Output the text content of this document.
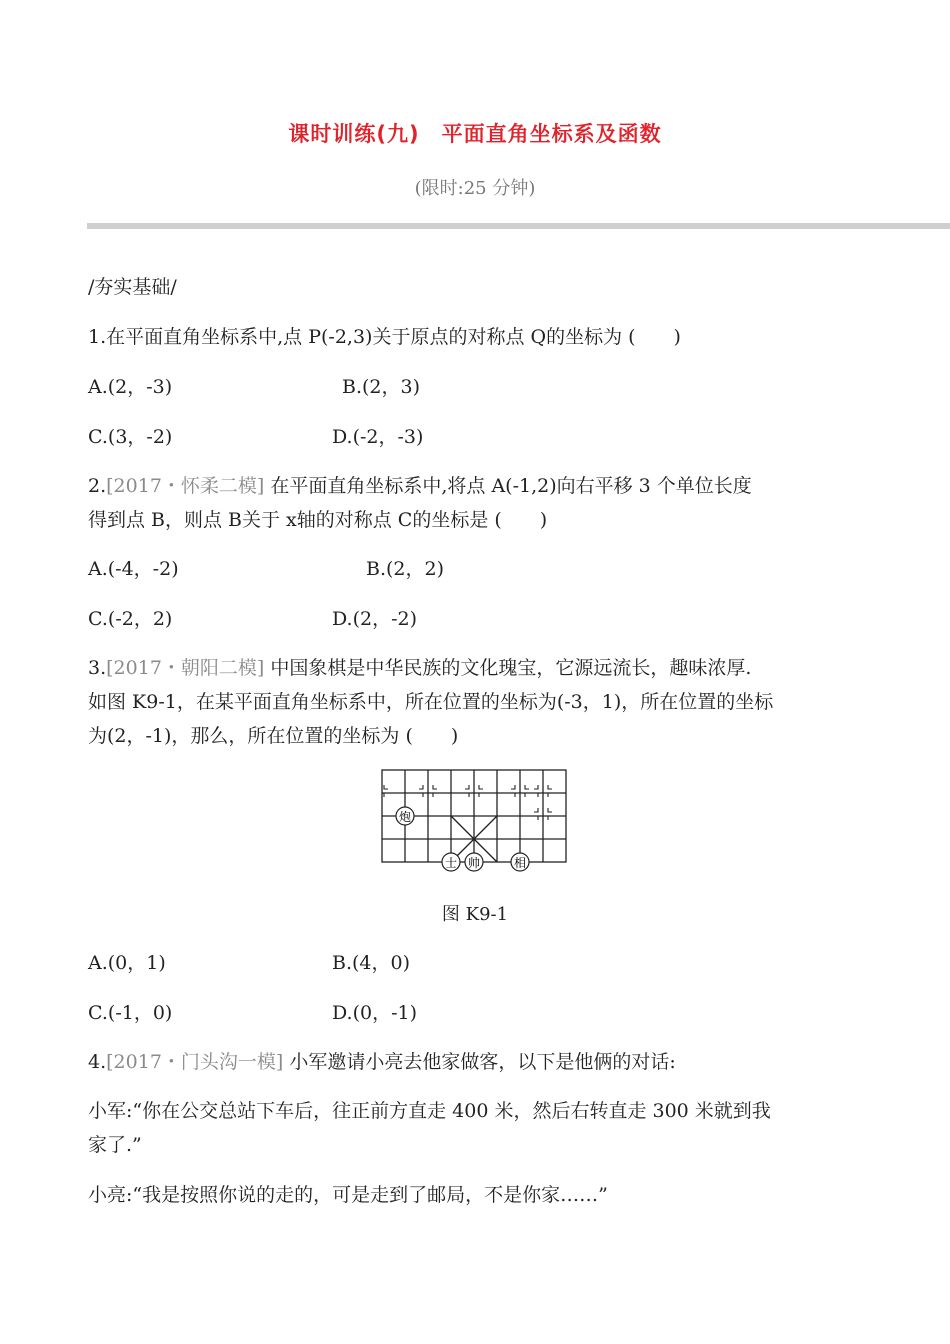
课时训练(九)　平面直角坐标系及函数
(限时:25 分钟)
/夯实基础/
1.在平面直角坐标系中,点 P(-2,3)关于原点的对称点 Q的坐标为 (　　)
A.(2，-3)	B.(2，3)
C.(3，-2)	D.(-2，-3)
2.[2017・怀柔二模] 在平面直角坐标系中,将点 A(-1,2)向右平移 3 个单位长度
得到点 B，则点 B关于 x轴的对称点 C的坐标是 (　　)
A.(-4，-2)	B.(2，2)
C.(-2，2)	D.(2，-2)
3.[2017・朝阳二模] 中国象棋是中华民族的文化瑰宝，它源远流长，趣味浓厚.
如图 K9-1，在某平面直角坐标系中，所在位置的坐标为(-3，1)，所在位置的坐标
为(2，-1)，那么，所在位置的坐标为 (　　)
炮
士 帅	相
图 K9-1
A.(0，1)	B.(4，0)
C.(-1，0)	D.(0，-1)
4.[2017・门头沟一模] 小军邀请小亮去他家做客，以下是他俩的对话:
小军:“你在公交总站下车后，往正前方直走 400 米，然后右转直走 300 米就到我
家了.”
小亮:“我是按照你说的走的，可是走到了邮局，不是你家……”
